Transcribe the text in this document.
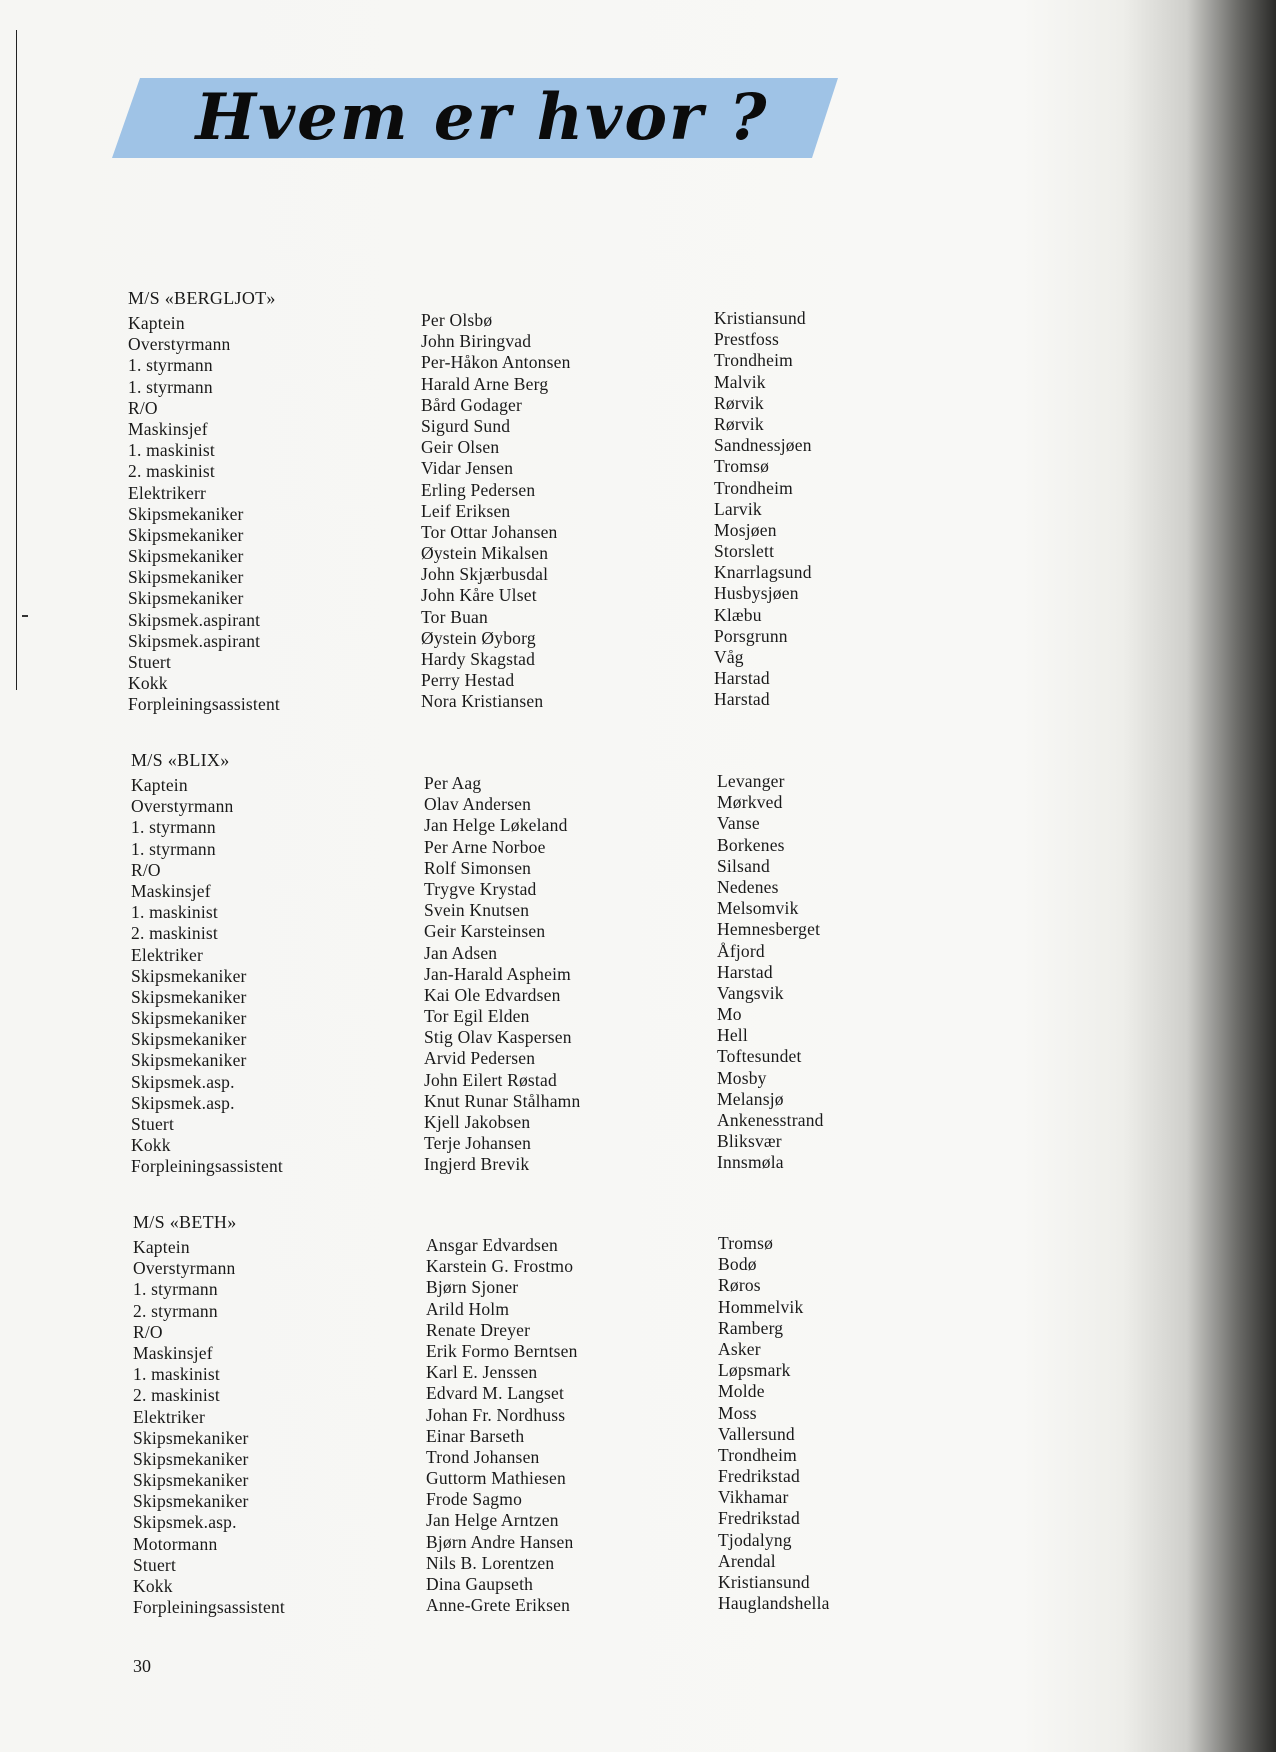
Hvem er hvor ?
M/S «BERGLJOT»
Kaptein
Overstyrmann
1. styrmann
1. styrmann
R/O
Maskinsjef
1. maskinist
2. maskinist
Elektrikerr
Skipsmekaniker
Skipsmekaniker
Skipsmekaniker
Skipsmekaniker
Skipsmekaniker
Skipsmek.aspirant
Skipsmek.aspirant
Stuert
Kokk
Forpleiningsassistent
Per Olsbø
John Biringvad
Per-Håkon Antonsen
Harald Arne Berg
Bård Godager
Sigurd Sund
Geir Olsen
Vidar Jensen
Erling Pedersen
Leif Eriksen
Tor Ottar Johansen
Øystein Mikalsen
John Skjærbusdal
John Kåre Ulset
Tor Buan
Øystein Øyborg
Hardy Skagstad
Perry Hestad
Nora Kristiansen
Kristiansund
Prestfoss
Trondheim
Malvik
Rørvik
Rørvik
Sandnessjøen
Tromsø
Trondheim
Larvik
Mosjøen
Storslett
Knarrlagsund
Husbysjøen
Klæbu
Porsgrunn
Våg
Harstad
Harstad
M/S «BLIX»
Kaptein
Overstyrmann
1. styrmann
1. styrmann
R/O
Maskinsjef
1. maskinist
2. maskinist
Elektriker
Skipsmekaniker
Skipsmekaniker
Skipsmekaniker
Skipsmekaniker
Skipsmekaniker
Skipsmek.asp.
Skipsmek.asp.
Stuert
Kokk
Forpleiningsassistent
Per Aag
Olav Andersen
Jan Helge Løkeland
Per Arne Norboe
Rolf Simonsen
Trygve Krystad
Svein Knutsen
Geir Karsteinsen
Jan Adsen
Jan-Harald Aspheim
Kai Ole Edvardsen
Tor Egil Elden
Stig Olav Kaspersen
Arvid Pedersen
John Eilert Røstad
Knut Runar Stålhamn
Kjell Jakobsen
Terje Johansen
Ingjerd Brevik
Levanger
Mørkved
Vanse
Borkenes
Silsand
Nedenes
Melsomvik
Hemnesberget
Åfjord
Harstad
Vangsvik
Mo
Hell
Toftesundet
Mosby
Melansjø
Ankenesstrand
Bliksvær
Innsmøla
M/S «BETH»
Kaptein
Overstyrmann
1. styrmann
2. styrmann
R/O
Maskinsjef
1. maskinist
2. maskinist
Elektriker
Skipsmekaniker
Skipsmekaniker
Skipsmekaniker
Skipsmekaniker
Skipsmek.asp.
Motormann
Stuert
Kokk
Forpleiningsassistent
Ansgar Edvardsen
Karstein G. Frostmo
Bjørn Sjoner
Arild Holm
Renate Dreyer
Erik Formo Berntsen
Karl E. Jenssen
Edvard M. Langset
Johan Fr. Nordhuss
Einar Barseth
Trond Johansen
Guttorm Mathiesen
Frode Sagmo
Jan Helge Arntzen
Bjørn Andre Hansen
Nils B. Lorentzen
Dina Gaupseth
Anne-Grete Eriksen
Tromsø
Bodø
Røros
Hommelvik
Ramberg
Asker
Løpsmark
Molde
Moss
Vallersund
Trondheim
Fredrikstad
Vikhamar
Fredrikstad
Tjodalyng
Arendal
Kristiansund
Hauglandshella
30
